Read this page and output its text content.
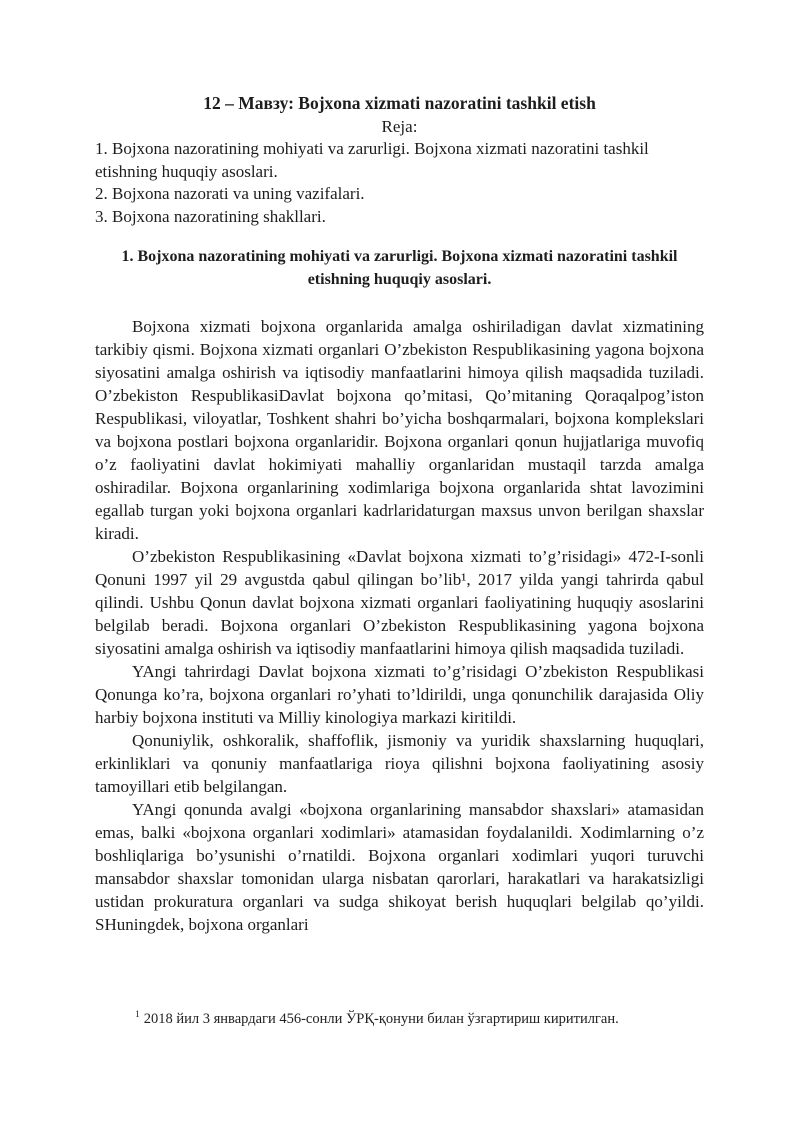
12 – Мавзу: Bojxona xizmati nazoratini tashkil etish

Reja:

1. Bojxona nazoratining mohiyati va zarurligi. Bojxona xizmati nazoratini tashkil etishning huquqiy asoslari.

2. Bojxona nazorati va uning vazifalari.

3. Bojxona nazoratining shakllari.

1. Bojxona nazoratining mohiyati va zarurligi. Bojxona xizmati nazoratini tashkil etishning huquqiy asoslari.

Bojxona xizmati bojxona organlarida amalga oshiriladigan davlat xizmatining tarkibiy qismi. Bojxona xizmati organlari O’zbekiston Respublikasining yagona bojxona siyosatini amalga oshirish va iqtisodiy manfaatlarini himoya qilish maqsadida tuziladi. O’zbekiston RespublikasiDavlat bojxona qo’mitasi, Qo’mitaning Qoraqalpog’iston Respublikasi, viloyatlar, Toshkent shahri bo’yicha boshqarmalari, bojxona komplekslari va bojxona postlari bojxona organlaridir. Bojxona organlari qonun hujjatlariga muvofiq o’z faoliyatini davlat hokimiyati mahalliy organlaridan mustaqil tarzda amalga oshiradilar. Bojxona organlarining xodimlariga bojxona organlarida shtat lavozimini egallab turgan yoki bojxona organlari kadrlaridaturgan maxsus unvon berilgan shaxslar kiradi.

O’zbekiston Respublikasining «Davlat bojxona xizmati to’g’risidagi» 472-I-sonli Qonuni 1997 yil 29 avgustda qabul qilingan bo’lib¹, 2017 yilda yangi tahrirda qabul qilindi. Ushbu Qonun davlat bojxona xizmati organlari faoliyatining huquqiy asoslarini belgilab beradi. Bojxona organlari O’zbekiston Respublikasining yagona bojxona siyosatini amalga oshirish va iqtisodiy manfaatlarini himoya qilish maqsadida tuziladi.

YAngi tahrirdagi Davlat bojxona xizmati to’g’risidagi O’zbekiston Respublikasi Qonunga ko’ra, bojxona organlari ro’yhati to’ldirildi, unga qonunchilik darajasida Oliy harbiy bojxona instituti va Milliy kinologiya markazi kiritildi.

Qonuniylik, oshkoralik, shaffoflik, jismoniy va yuridik shaxslarning huquqlari, erkinliklari va qonuniy manfaatlariga rioya qilishni bojxona faoliyatining asosiy tamoyillari etib belgilangan.

YAngi qonunda avalgi «bojxona organlarining mansabdor shaxslari» atamasidan emas, balki «bojxona organlari xodimlari» atamasidan foydalanildi. Xodimlarning o’z boshliqlariga bo’ysunishi o’rnatildi. Bojxona organlari xodimlari yuqori turuvchi mansabdor shaxslar tomonidan ularga nisbatan qarorlari, harakatlari va harakatsizligi ustidan prokuratura organlari va sudga shikoyat berish huquqlari belgilab qo’yildi. SHuningdek, bojxona organlari

$^1$ 2018 йил 3 январдаги 456-сонли ЎРҚ-қонуни билан ўзгартириш киритилган.
